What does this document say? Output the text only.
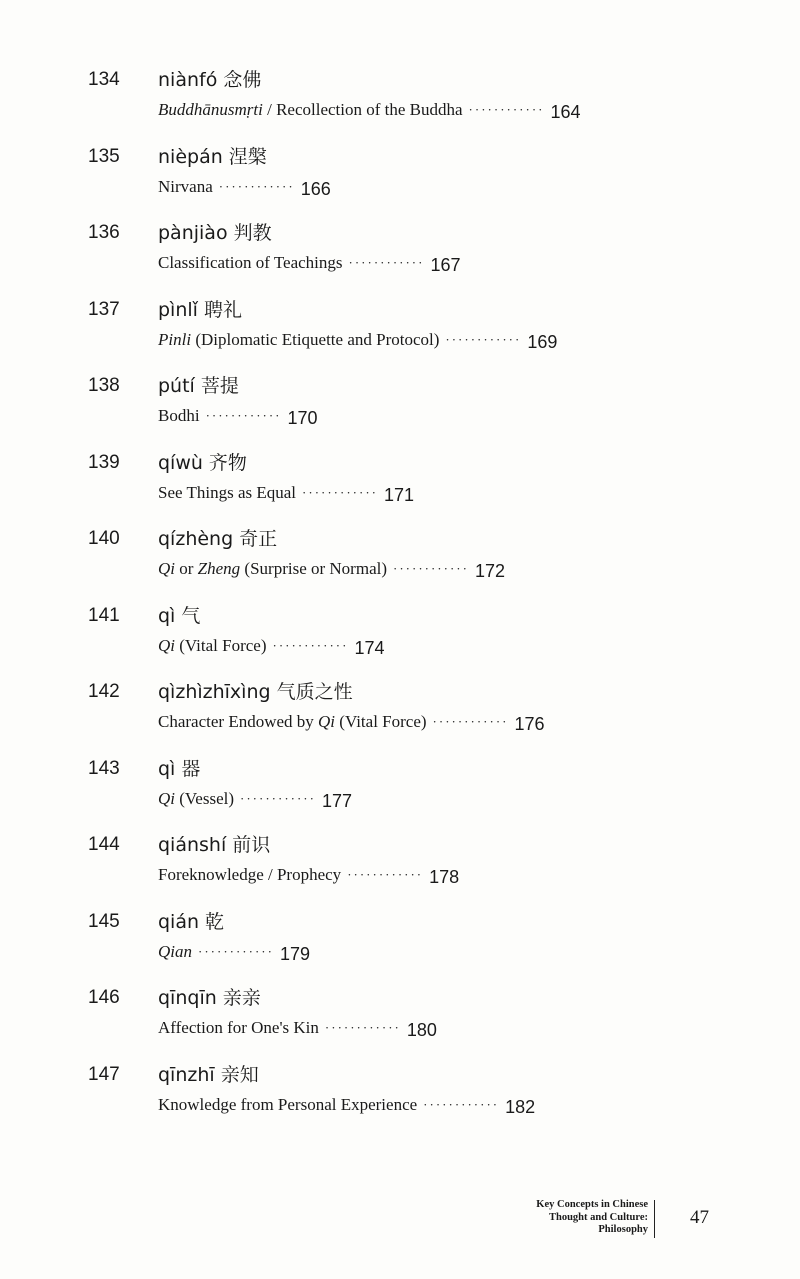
134	niànfó 念佛
Buddhānusmṛti / Recollection of the Buddha ············ 164
135	nièpán 涅槃
Nirvana ············ 166
136	pànjiào 判教
Classification of Teachings ············ 167
137	pìnlǐ 聘礼
Pinli (Diplomatic Etiquette and Protocol) ············ 169
138	pútí 菩提
Bodhi ············ 170
139	qíwù 齐物
See Things as Equal ············ 171
140	qízhèng 奇正
Qi or Zheng (Surprise or Normal) ············ 172
141	qì 气
Qi (Vital Force) ············ 174
142	qìzhìzhīxìng 气质之性
Character Endowed by Qi (Vital Force) ············ 176
143	qì 器
Qi (Vessel) ············ 177
144	qiánshí 前识
Foreknowledge / Prophecy ············ 178
145	qián 乾
Qian ············ 179
146	qīnqīn 亲亲
Affection for One's Kin ············ 180
147	qīnzhī 亲知
Knowledge from Personal Experience ············ 182
Key Concepts in Chinese
Thought and Culture:
Philosophy
47
